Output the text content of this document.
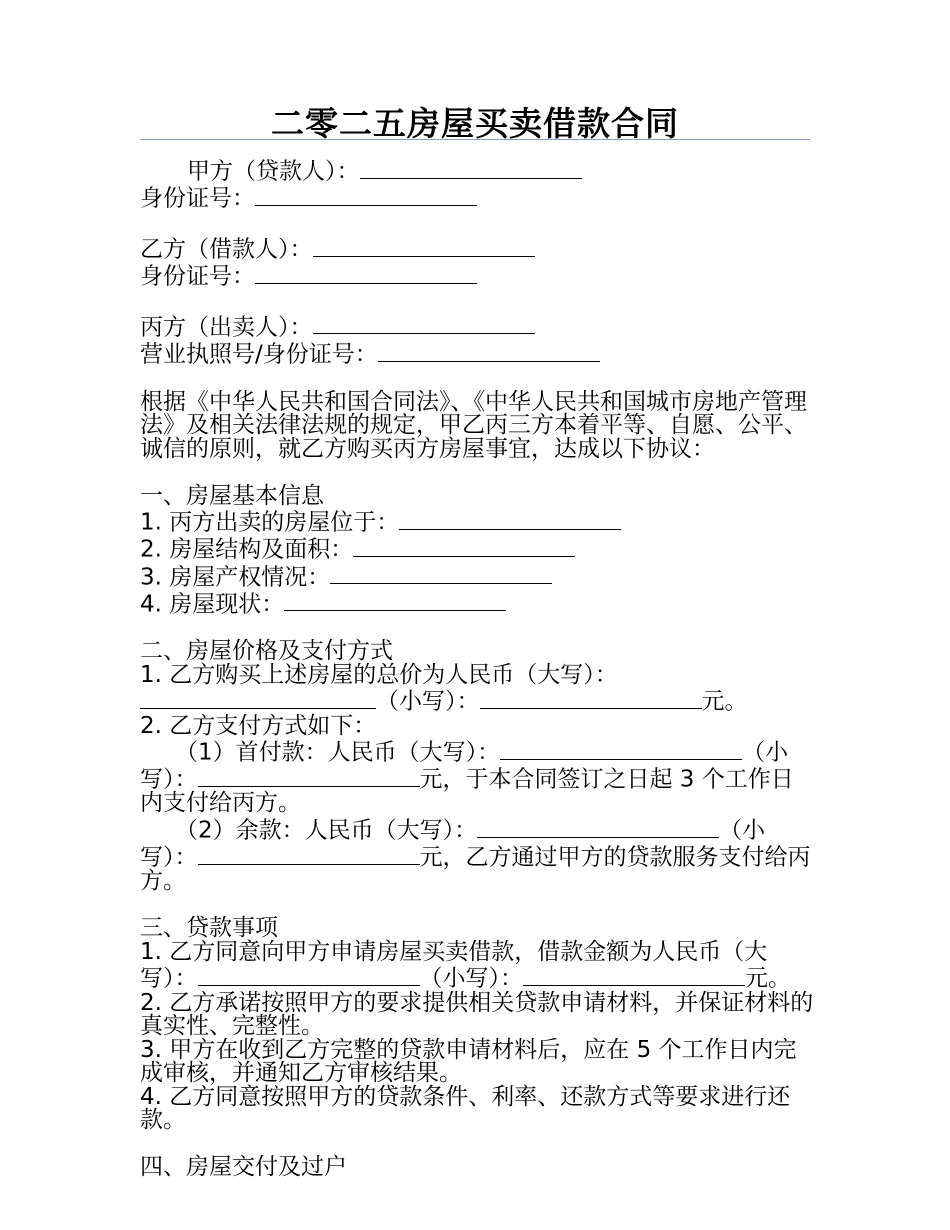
二零二五房屋买卖借款合同
甲方（贷款人）：
身份证号：
乙方（借款人）：
身份证号：
丙方（出卖人）：
营业执照号/身份证号：
根据《中华人民共和国合同法》、《中华人民共和国城市房地产管理法》及相关法律法规的规定，甲乙丙三方本着平等、自愿、公平、诚信的原则，就乙方购买丙方房屋事宜，达成以下协议：
一、房屋基本信息
1. 丙方出卖的房屋位于：
2. 房屋结构及面积：
3. 房屋产权情况：
4. 房屋现状：
二、房屋价格及支付方式
1. 乙方购买上述房屋的总价为人民币（大写）：（小写）：	元。
2. 乙方支付方式如下：
（1）首付款：人民币（大写）：	（小写）：	元，于本合同签订之日起 3 个工作日内支付给丙方。
（2）余款：人民币（大写）：	（小写）：	元，乙方通过甲方的贷款服务支付给丙方。
三、贷款事项
1. 乙方同意向甲方申请房屋买卖借款，借款金额为人民币（大写）：	（小写）：	元。
2. 乙方承诺按照甲方的要求提供相关贷款申请材料，并保证材料的真实性、完整性。
3. 甲方在收到乙方完整的贷款申请材料后，应在 5 个工作日内完成审核，并通知乙方审核结果。
4. 乙方同意按照甲方的贷款条件、利率、还款方式等要求进行还款。
四、房屋交付及过户
